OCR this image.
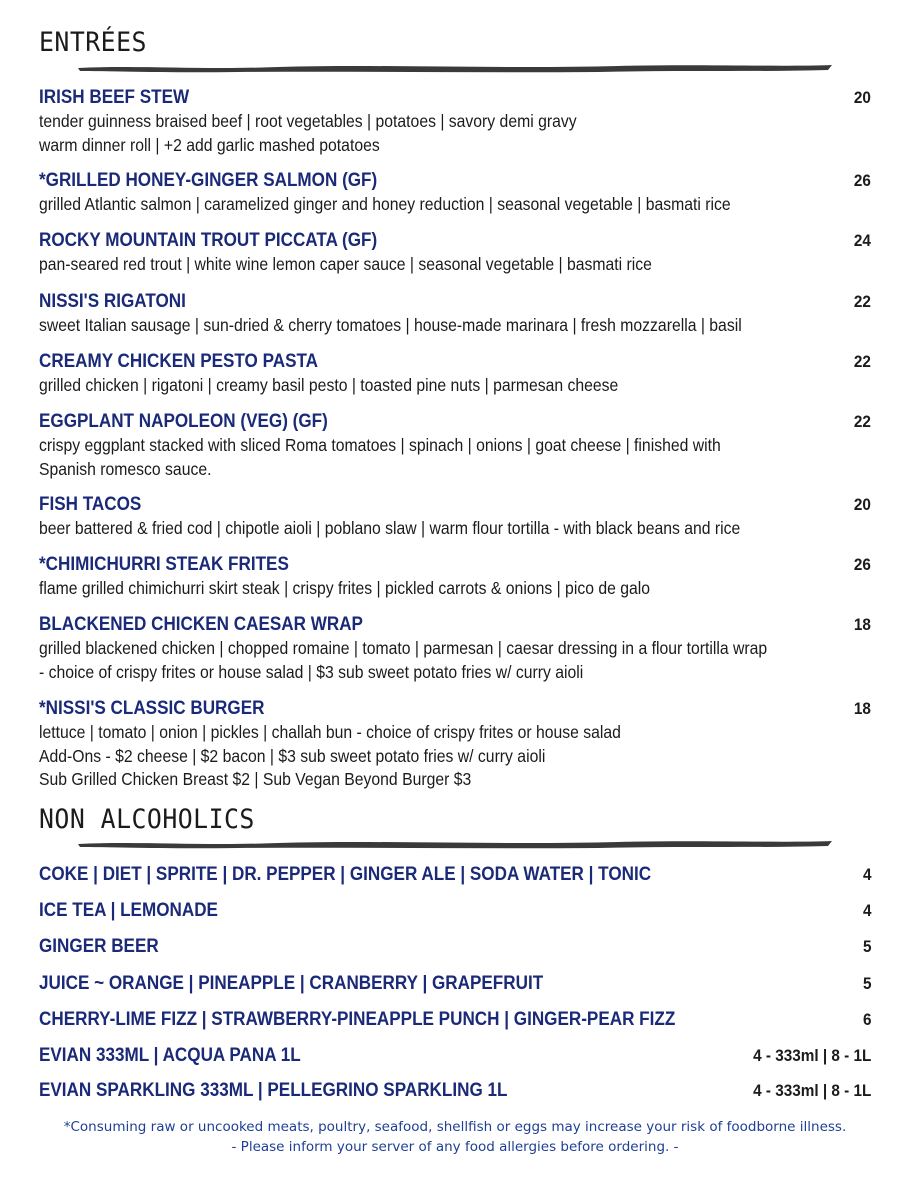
ENTRÉES
IRISH BEEF STEW	20
tender guinness braised beef | root vegetables | potatoes | savory demi gravy
warm dinner roll | +2 add garlic mashed potatoes
*GRILLED HONEY-GINGER SALMON (GF)	26
grilled Atlantic salmon | caramelized ginger and honey reduction | seasonal vegetable | basmati rice
ROCKY MOUNTAIN TROUT PICCATA (GF)	24
pan-seared red trout | white wine lemon caper sauce | seasonal vegetable | basmati rice
NISSI'S RIGATONI	22
sweet Italian sausage | sun-dried & cherry tomatoes | house-made marinara | fresh mozzarella | basil
CREAMY CHICKEN PESTO PASTA	22
grilled chicken | rigatoni | creamy basil pesto | toasted pine nuts | parmesan cheese
EGGPLANT NAPOLEON (VEG) (GF)	22
crispy eggplant stacked with sliced Roma tomatoes | spinach | onions | goat cheese | finished with
Spanish romesco sauce.
FISH TACOS	20
beer battered & fried cod | chipotle aioli | poblano slaw | warm flour tortilla - with black beans and rice
*CHIMICHURRI STEAK FRITES	26
flame grilled chimichurri skirt steak | crispy frites | pickled carrots & onions | pico de galo
BLACKENED CHICKEN CAESAR WRAP	18
grilled blackened chicken | chopped romaine | tomato | parmesan | caesar dressing in a flour tortilla wrap
- choice of crispy frites or house salad | $3 sub sweet potato fries w/ curry aioli
*NISSI'S CLASSIC BURGER	18
lettuce | tomato | onion | pickles | challah bun - choice of crispy frites or house salad
Add-Ons - $2 cheese | $2 bacon | $3 sub sweet potato fries w/ curry aioli
Sub Grilled Chicken Breast $2 | Sub Vegan Beyond Burger $3
NON ALCOHOLICS
COKE | DIET | SPRITE | DR. PEPPER | GINGER ALE | SODA WATER | TONIC	4
ICE TEA | LEMONADE	4
GINGER BEER	5
JUICE ~ ORANGE | PINEAPPLE | CRANBERRY | GRAPEFRUIT	5
CHERRY-LIME FIZZ | STRAWBERRY-PINEAPPLE PUNCH | GINGER-PEAR FIZZ	6
EVIAN 333ML | ACQUA PANA 1L	4 - 333ml | 8 - 1L
EVIAN SPARKLING 333ML | PELLEGRINO SPARKLING 1L	4 - 333ml | 8 - 1L
*Consuming raw or uncooked meats, poultry, seafood, shellfish or eggs may increase your risk of foodborne illness.
- Please inform your server of any food allergies before ordering. -
